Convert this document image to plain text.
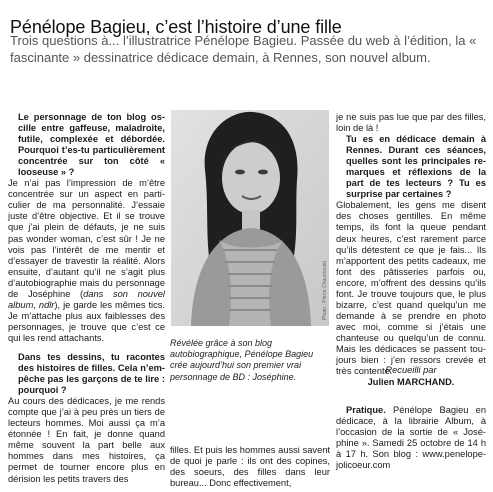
Pénélope Bagieu, c’est l’histoire d’une fille
Trois questions à... l’illustratrice Pénélope Bagieu. Passée du web à l’édition, la « fascinante » dessinatrice dédicace demain, à Rennes, son nouvel album.

Le personnage de ton blog oscille entre gaffeuse, maladroite, futile, complexée et débordée. Pourquoi t’es-tu particulièrement concentrée sur ton côté « looseuse » ?

Je n’ai pas l’impression de m’être concentrée sur un aspect en particulier de ma personnalité. J’essaie juste d’être objective. Et il se trouve que j’ai plein de défauts, je ne suis pas wonder woman, c’est sûr ! Je ne vois pas l’intérêt de me mentir et d’essayer de travestir la réalité. Alors ensuite, d’autant qu’il ne s’agit plus d’autobiographie mais du personnage de Joséphine (dans son nouvel album, ndlr), je garde les mêmes tics. Je m’attache plus aux faiblesses des personnages, je trouve que c’est ce qui les rend attachants.

Dans tes dessins, tu racontes des histoires de filles. Cela n’empêche pas les garçons de te lire : pourquoi ?

Au cours des dédicaces, je me rends compte que j’ai à peu près un tiers de lecteurs hommes. Moi aussi ça m’a étonnée ! En fait, je donne quand même souvent la part belle aux hommes dans mes histoires, ça permet de tourner encore plus en dérision les petits travers des

Photo : Pierre Chaumoulet
Révélée grâce à son blog autobiographique, Pénélope Bagieu crée aujourd’hui son premier vrai personnage de BD : Joséphine.

filles. Et puis les hommes aussi savent de quoi je parle : ils ont des copines, des soeurs, des filles dans leur bureau... Donc effectivement,

je ne suis pas lue que par des filles, loin de là !

Tu es en dédicace demain à Rennes. Durant ces séances, quelles sont les principales remarques et réflexions de la part de tes lecteurs ? Tu es surprise par certaines ?

Globalement, les gens me disent des choses gentilles. En même temps, ils font la queue pendant deux heures, c’est rarement parce qu’ils détestent ce que je fais... Ils m’apportent des petits cadeaux, me font des pâtisseries parfois ou, encore, m’offrent des dessins qu’ils font. Je trouve toujours que, le plus bizarre, c’est quand quelqu’un me demande à se prendre en photo avec moi, comme si j’étais une chanteuse ou quelqu’un de connu. Mais les dédicaces se passent toujours bien : j’en ressors crevée et très contente.

Recueilli par
Julien MARCHAND.

Pratique. Pénélope Bagieu en dédicace, à la librairie Album, à l’occasion de la sortie de « Joséphine ». Samedi 25 octobre de 14 h à 17 h. Son blog : www.penelope-jolicoeur.com
